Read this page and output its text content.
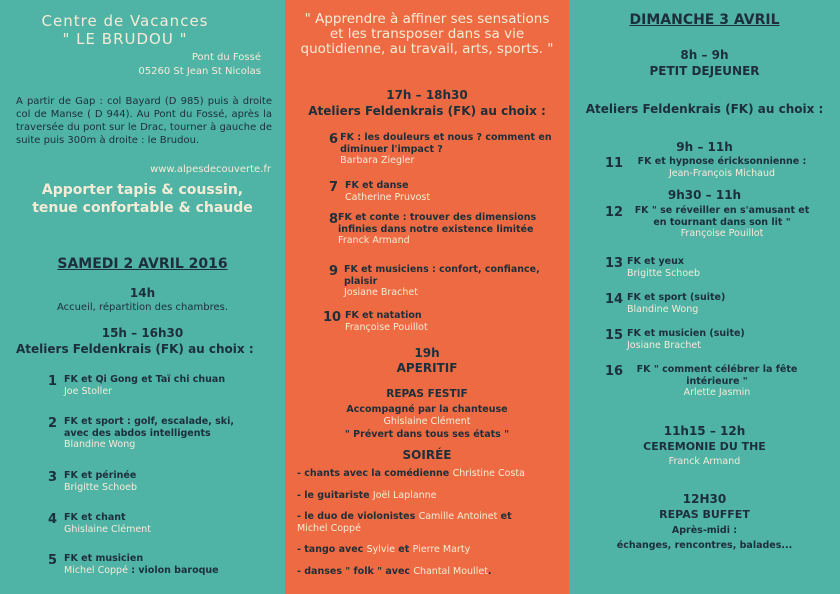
Centre de Vacances
" LE BRUDOU "
Pont du Fossé
05260 St Jean St Nicolas
A partir de Gap : col Bayard (D 985) puis à droite col de Manse ( D 944). Au Pont du Fossé, après la traversée du pont sur le Drac, tourner à gauche de suite puis 300m à droite : le Brudou.
www.alpesdecouverte.fr
Apporter tapis & coussin,
tenue confortable & chaude
SAMEDI 2 AVRIL 2016
14h
Accueil, répartition des chambres.
15h – 16h30
Ateliers Feldenkrais (FK) au choix :
1 FK et Qi Gong et Taï chi chuan
Joe Stoller
2 FK et sport : golf, escalade, ski, avec des abdos intelligents
Blandine Wong
3 FK et périnée
Brigitte Schoeb
4 FK et chant
Ghislaine Clément
5 FK et musicien
Michel Coppé : violon baroque
" Apprendre à affiner ses sensations et les transposer dans sa vie quotidienne, au travail, arts, sports. "
17h – 18h30
Ateliers Feldenkrais (FK) au choix :
6 FK : les douleurs et nous ? comment en diminuer l'impact ?
Barbara Ziegler
7 FK et danse
Catherine Pruvost
8 FK et conte : trouver des dimensions infinies dans notre existence limitée
Franck Armand
9 FK et musiciens : confort, confiance, plaisir
Josiane Brachet
10 FK et natation
Françoise Pouillot
19h
APERITIF
REPAS FESTIF
Accompagné par la chanteuse
Ghislaine Clément
" Prévert dans tous ses états "
SOIRÉE
- chants avec la comédienne Christine Costa
- le guitariste Joël Laplanne
- le duo de violonistes Camille Antoinet et Michel Coppé
- tango avec Sylvie et Pierre Marty
- danses " folk " avec Chantal Moullet.
DIMANCHE 3 AVRIL
8h – 9h
PETIT DEJEUNER
Ateliers Feldenkrais (FK) au choix :
9h – 11h
11	FK et hypnose éricksonnienne :
Jean-François Michaud
9h30 – 11h
12	FK " se réveiller en s'amusant et en tournant dans son lit "
Françoise Pouillot
13 FK et yeux
Brigitte Schoeb
14 FK et sport (suite)
Blandine Wong
15 FK et musicien (suite)
Josiane Brachet
16	FK " comment célébrer la fête intérieure "
Arlette Jasmin
11h15 – 12h
CEREMONIE DU THE
Franck Armand
12H30
REPAS BUFFET
Après-midi :
échanges, rencontres, balades...
